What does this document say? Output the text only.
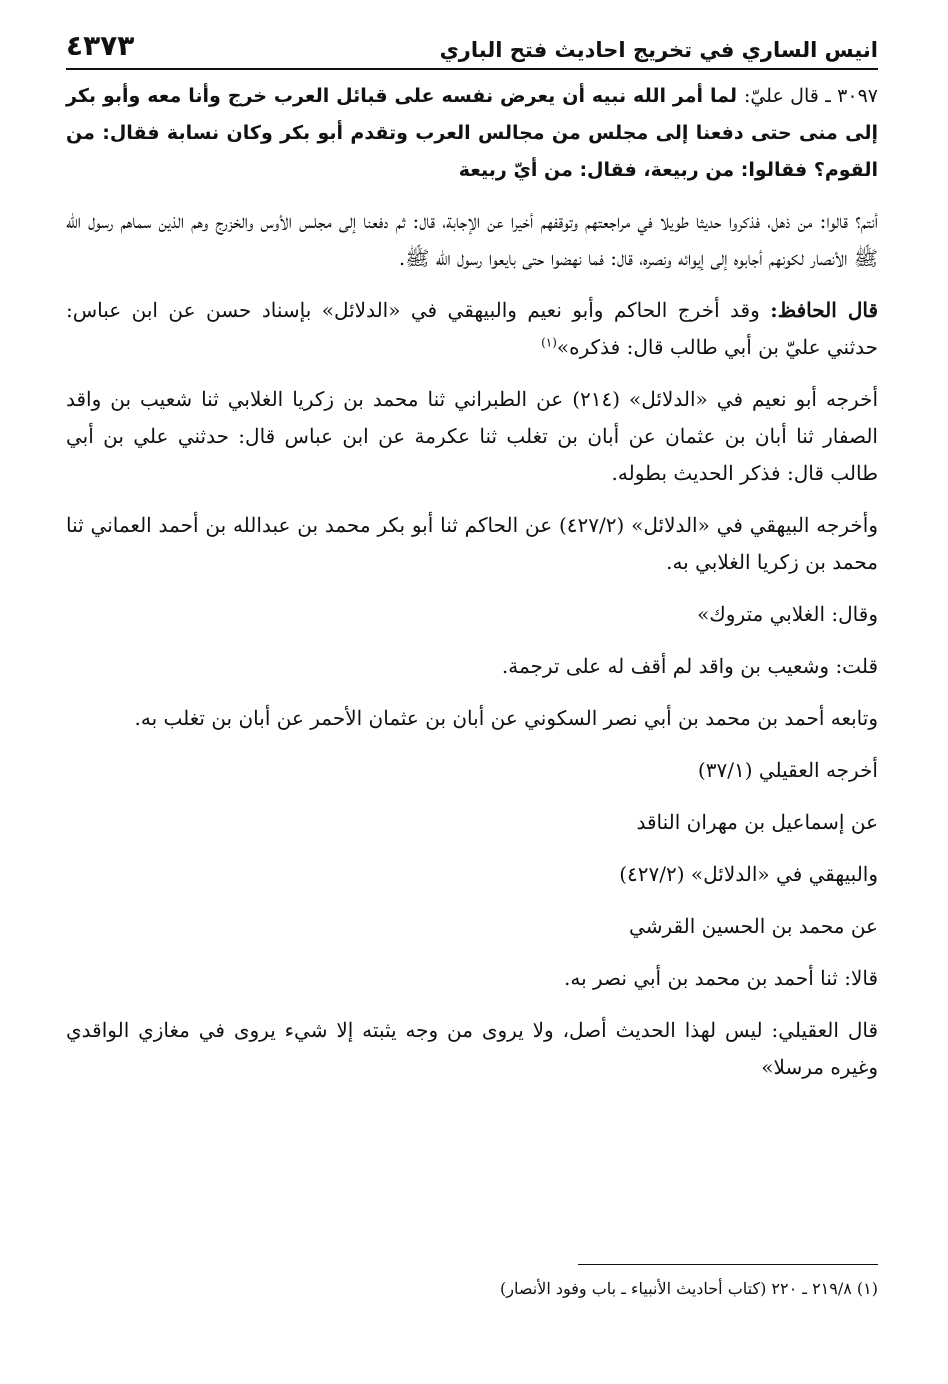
انيس الساري في تخريج احاديث فتح الباري
٤٣٧٣

٣٠٩٧ ـ قال عليّ: لما أمر الله نبيه أن يعرض نفسه على قبائل العرب خرج وأنا معه وأبو بكر إلى منى حتى دفعنا إلى مجلس من مجالس العرب وتقدم أبو بكر وكان نسابة فقال: من القوم؟ فقالوا: من ربيعة، فقال: من أيّ ربيعة

أنتم؟ قالوا: من ذهل، فذكروا حديثا طويلا في مراجعتهم وتوقفهم أخيرا عن الإجابة، قال: ثم دفعنا إلى مجلس الأوس والخزرج وهم الذين سماهم رسول الله ﷺ الأنصار لكونهم أجابوه إلى إيوائه ونصره، قال: فما نهضوا حتى بايعوا رسول الله ﷺ.

قال الحافظ: وقد أخرج الحاكم وأبو نعيم والبيهقي في «الدلائل» بإسناد حسن عن ابن عباس: حدثني عليّ بن أبي طالب قال: فذكره»$^{(١)}$

أخرجه أبو نعيم في «الدلائل» (٢١٤) عن الطبراني ثنا محمد بن زكريا الغلابي ثنا شعيب بن واقد الصفار ثنا أبان بن عثمان عن أبان بن تغلب ثنا عكرمة عن ابن عباس قال: حدثني علي بن أبي طالب قال: فذكر الحديث بطوله.

وأخرجه البيهقي في «الدلائل» (٤٢٧/٢) عن الحاكم ثنا أبو بكر محمد بن عبدالله بن أحمد العماني ثنا محمد بن زكريا الغلابي به.

وقال: الغلابي متروك»

قلت: وشعيب بن واقد لم أقف له على ترجمة.

وتابعه أحمد بن محمد بن أبي نصر السكوني عن أبان بن عثمان الأحمر عن أبان بن تغلب به.

أخرجه العقيلي (٣٧/١)

عن إسماعيل بن مهران الناقد

والبيهقي في «الدلائل» (٤٢٧/٢)

عن محمد بن الحسين القرشي

قالا: ثنا أحمد بن محمد بن أبي نصر به.

قال العقيلي: ليس لهذا الحديث أصل، ولا يروى من وجه يثبته إلا شيء يروى في مغازي الواقدي وغيره مرسلا»

(١) ٢١٩/٨ ـ ٢٢٠ (كتاب أحاديث الأنبياء ـ باب وفود الأنصار)
